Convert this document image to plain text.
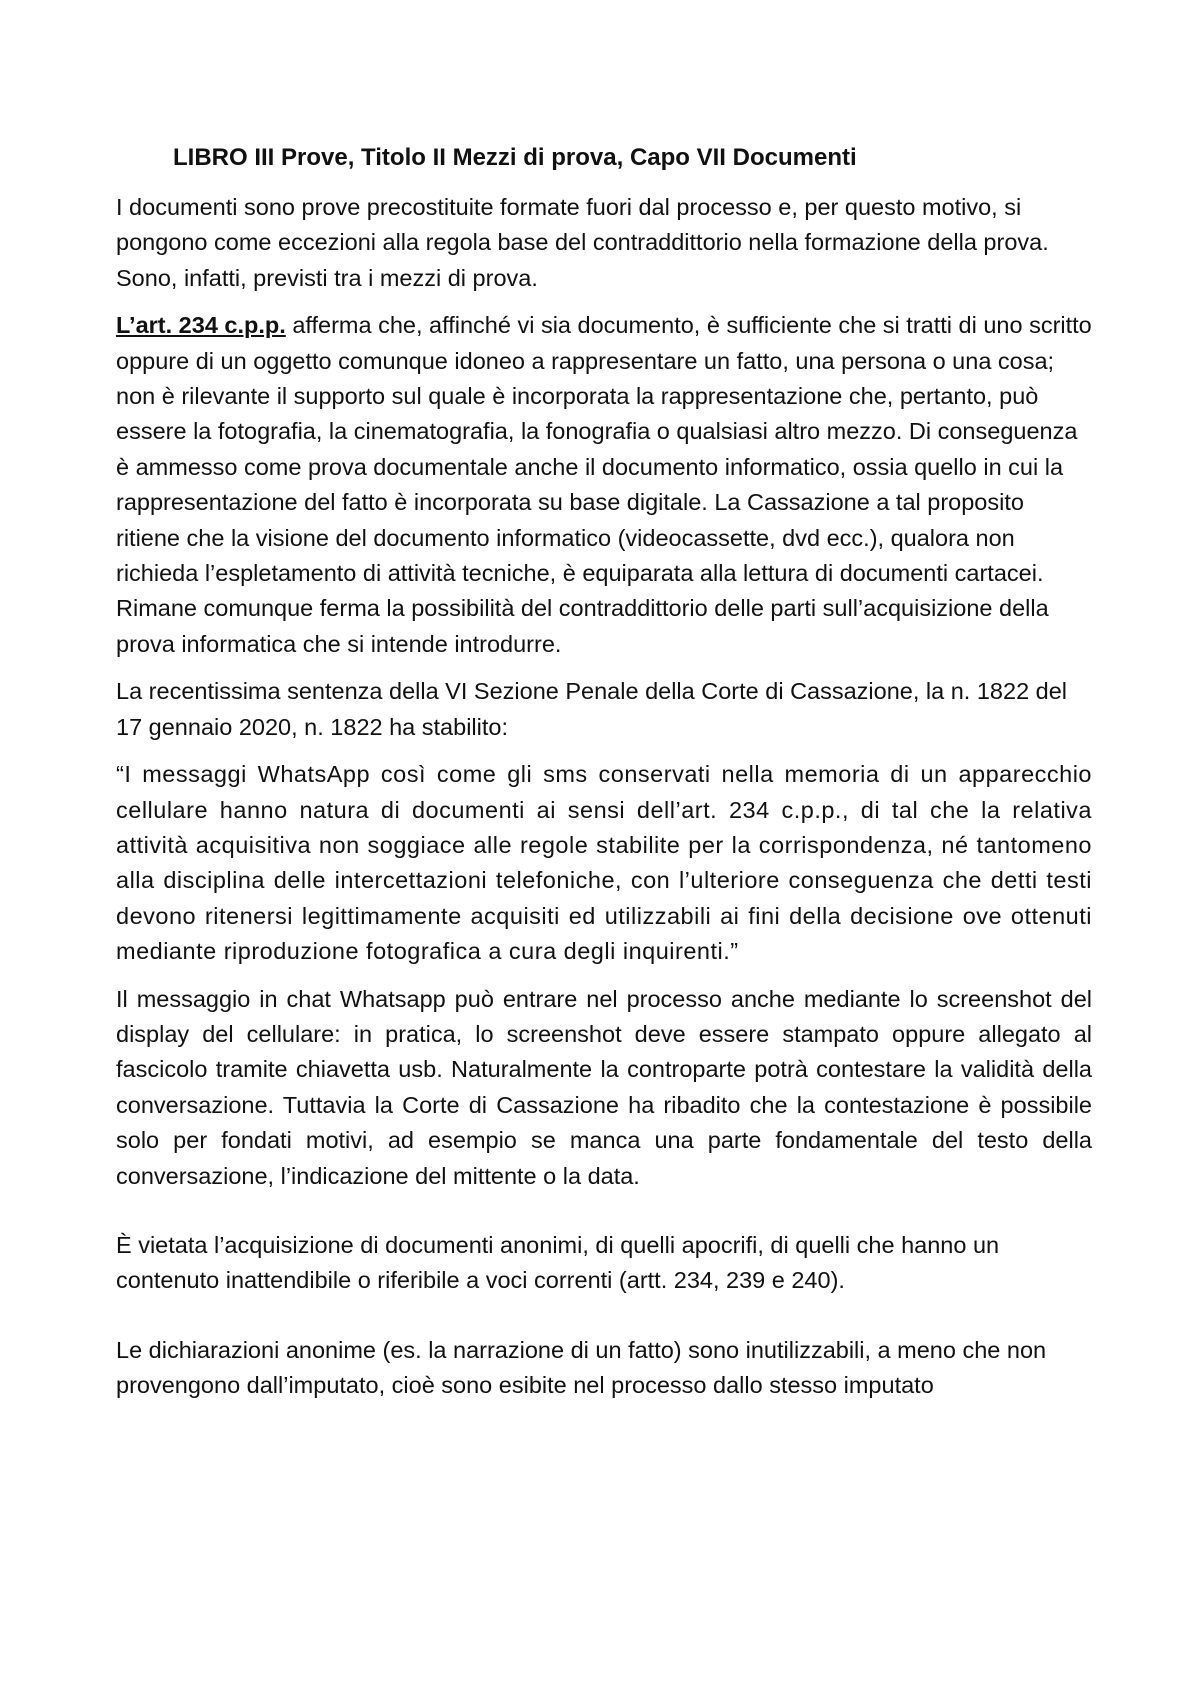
LIBRO III Prove, Titolo II Mezzi di prova, Capo VII Documenti

I documenti sono prove precostituite formate fuori dal processo e, per questo motivo, si pongono come eccezioni alla regola base del contraddittorio nella formazione della prova. Sono, infatti, previsti tra i mezzi di prova.

L’art. 234 c.p.p. afferma che, affinché vi sia documento, è sufficiente che si tratti di uno scritto oppure di un oggetto comunque idoneo a rappresentare un fatto, una persona o una cosa; non è rilevante il supporto sul quale è incorporata la rappresentazione che, pertanto, può essere la fotografia, la cinematografia, la fonografia o qualsiasi altro mezzo. Di conseguenza è ammesso come prova documentale anche il documento informatico, ossia quello in cui la rappresentazione del fatto è incorporata su base digitale. La Cassazione a tal proposito ritiene che la visione del documento informatico (videocassette, dvd ecc.), qualora non richieda l’espletamento di attività tecniche, è equiparata alla lettura di documenti cartacei. Rimane comunque ferma la possibilità del contraddittorio delle parti sull’acquisizione della prova informatica che si intende introdurre.

La recentissima sentenza della VI Sezione Penale della Corte di Cassazione, la n. 1822 del 17 gennaio 2020, n. 1822 ha stabilito:

“I messaggi WhatsApp così come gli sms conservati nella memoria di un apparecchio cellulare hanno natura di documenti ai sensi dell’art. 234 c.p.p., di tal che la relativa attività acquisitiva non soggiace alle regole stabilite per la corrispondenza, né tantomeno alla disciplina delle intercettazioni telefoniche, con l’ulteriore conseguenza che detti testi devono ritenersi legittimamente acquisiti ed utilizzabili ai fini della decisione ove ottenuti mediante riproduzione fotografica a cura degli inquirenti.”

Il messaggio in chat Whatsapp può entrare nel processo anche mediante lo screenshot del display del cellulare: in pratica, lo screenshot deve essere stampato oppure allegato al fascicolo tramite chiavetta usb. Naturalmente la controparte potrà contestare la validità della conversazione. Tuttavia la Corte di Cassazione ha ribadito che la contestazione è possibile solo per fondati motivi, ad esempio se manca una parte fondamentale del testo della conversazione, l’indicazione del mittente o la data.

È vietata l’acquisizione di documenti anonimi, di quelli apocrifi, di quelli che hanno un contenuto inattendibile o riferibile a voci correnti (artt. 234, 239 e 240).

Le dichiarazioni anonime (es. la narrazione di un fatto) sono inutilizzabili, a meno che non provengono dall’imputato, cioè sono esibite nel processo dallo stesso imputato
